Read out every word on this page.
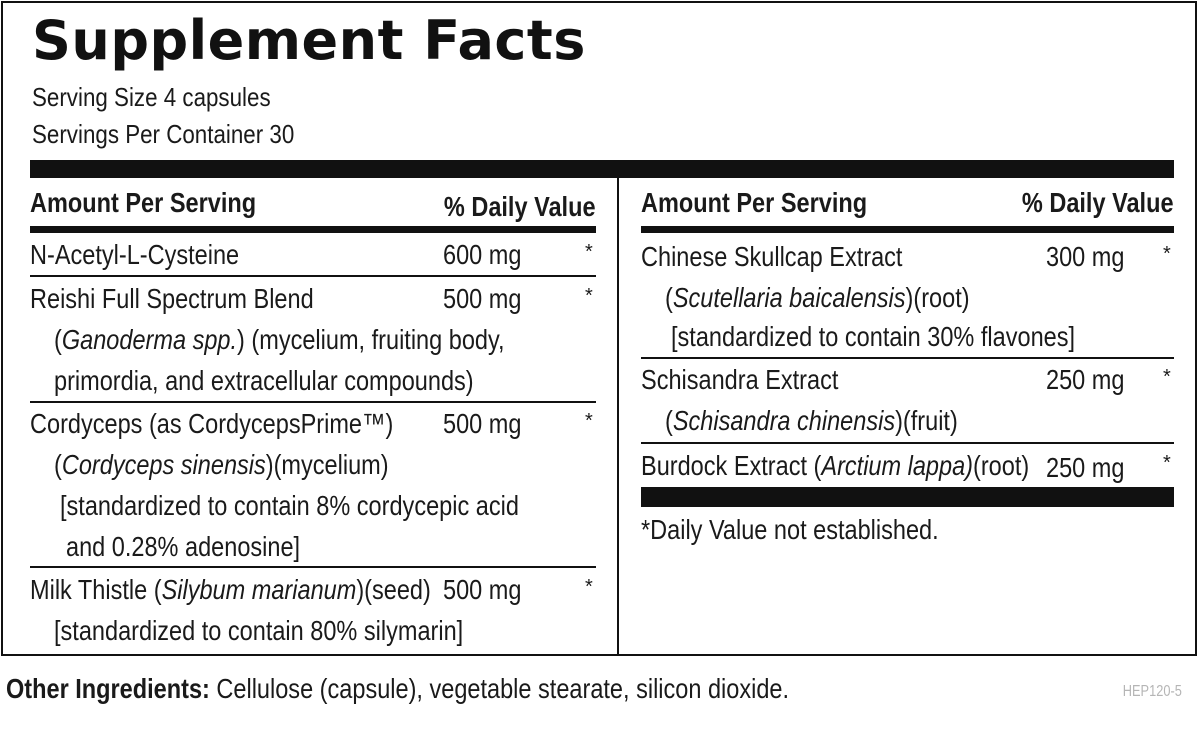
Supplement Facts
Serving Size 4 capsules
Servings Per Container 30
Amount Per Serving	% Daily Value
N-Acetyl-L-Cysteine	600 mg	*
Reishi Full Spectrum Blend	500 mg	*
(Ganoderma spp.) (mycelium, fruiting body,
primordia, and extracellular compounds)
Cordyceps (as CordycepsPrime™) 500 mg	*
(Cordyceps sinensis)(mycelium)
[standardized to contain 8% cordycepic acid
and 0.28% adenosine]
Milk Thistle (Silybum marianum)(seed) 500 mg	*
[standardized to contain 80% silymarin]
Amount Per Serving	% Daily Value
Chinese Skullcap Extract	300 mg *
(Scutellaria baicalensis)(root)
[standardized to contain 30% flavones]
Schisandra Extract	250 mg *
(Schisandra chinensis)(fruit)
Burdock Extract (Arctium lappa)(root) 250 mg *
*Daily Value not established.
Other Ingredients: Cellulose (capsule), vegetable stearate, silicon dioxide.	HEP120-5
